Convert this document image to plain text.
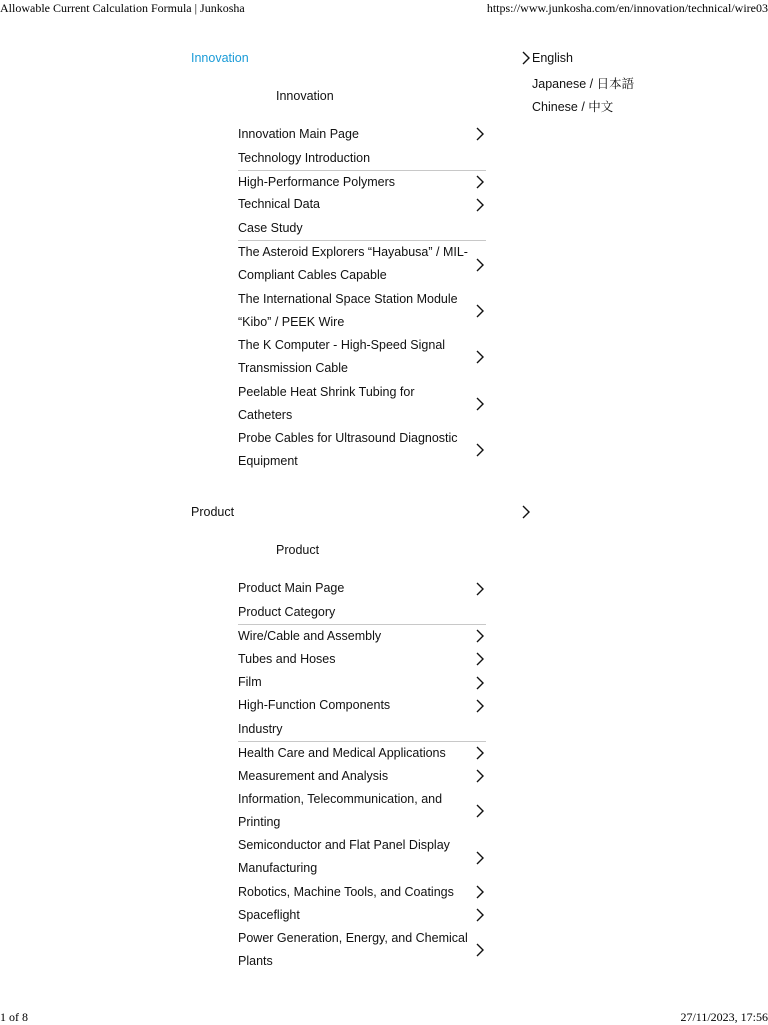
Allowable Current Calculation Formula | Junkosha	https://www.junkosha.com/en/innovation/technical/wire03
Innovation
Innovation
Innovation Main Page
Technology Introduction
High-Performance Polymers
Technical Data
Case Study
The Asteroid Explorers “Hayabusa” / MIL-Compliant Cables Capable
The International Space Station Module “Kibo” / PEEK Wire
The K Computer - High-Speed Signal Transmission Cable
Peelable Heat Shrink Tubing for Catheters
Probe Cables for Ultrasound Diagnostic Equipment
Product
Product
Product Main Page
Product Category
Wire/Cable and Assembly
Tubes and Hoses
Film
High-Function Components
Industry
Health Care and Medical Applications
Measurement and Analysis
Information, Telecommunication, and Printing
Semiconductor and Flat Panel Display Manufacturing
Robotics, Machine Tools, and Coatings
Spaceflight
Power Generation, Energy, and Chemical Plants
English
Japanese / 日本語
Chinese / 中文
1 of 8	27/11/2023, 17:56
